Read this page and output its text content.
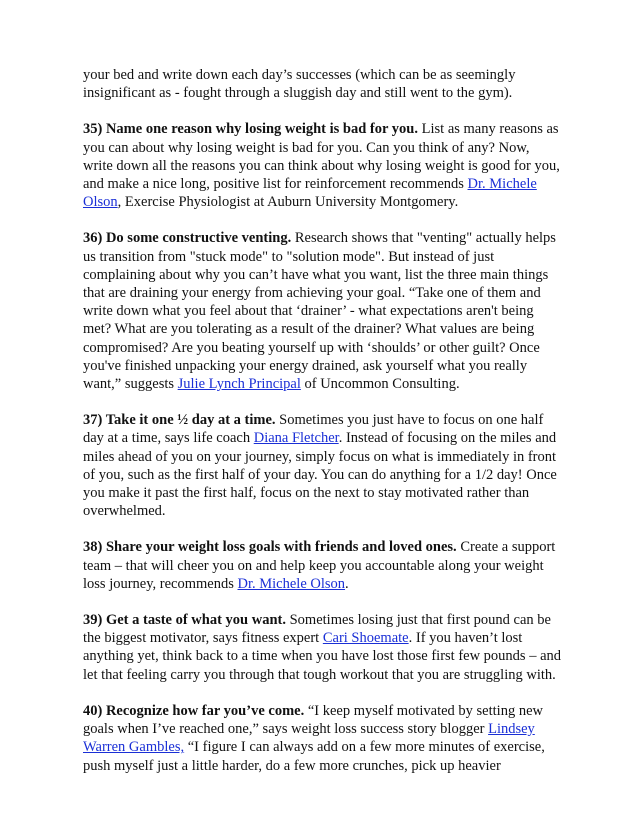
your bed and write down each day’s successes (which can be as seemingly insignificant as - fought through a sluggish day and still went to the gym).

35) Name one reason why losing weight is bad for you. List as many reasons as you can about why losing weight is bad for you. Can you think of any? Now, write down all the reasons you can think about why losing weight is good for you, and make a nice long, positive list for reinforcement recommends Dr. Michele Olson, Exercise Physiologist at Auburn University Montgomery.

36) Do some constructive venting. Research shows that "venting" actually helps us transition from "stuck mode" to "solution mode". But instead of just complaining about why you can’t have what you want, list the three main things that are draining your energy from achieving your goal. “Take one of them and write down what you feel about that ‘drainer’ - what expectations aren't being met? What are you tolerating as a result of the drainer? What values are being compromised? Are you beating yourself up with ‘shoulds’ or other guilt? Once you've finished unpacking your energy drained, ask yourself what you really want,” suggests Julie Lynch Principal of Uncommon Consulting.

37) Take it one ½ day at a time. Sometimes you just have to focus on one half day at a time, says life coach Diana Fletcher. Instead of focusing on the miles and miles ahead of you on your journey, simply focus on what is immediately in front of you, such as the first half of your day. You can do anything for a 1/2 day! Once you make it past the first half, focus on the next to stay motivated rather than overwhelmed.

38) Share your weight loss goals with friends and loved ones. Create a support team – that will cheer you on and help keep you accountable along your weight loss journey, recommends Dr. Michele Olson.

39) Get a taste of what you want. Sometimes losing just that first pound can be the biggest motivator, says fitness expert Cari Shoemate. If you haven’t lost anything yet, think back to a time when you have lost those first few pounds – and let that feeling carry you through that tough workout that you are struggling with.

40) Recognize how far you’ve come. “I keep myself motivated by setting new goals when I’ve reached one,” says weight loss success story blogger Lindsey Warren Gambles, “I figure I can always add on a few more minutes of exercise, push myself just a little harder, do a few more crunches, pick up heavier
